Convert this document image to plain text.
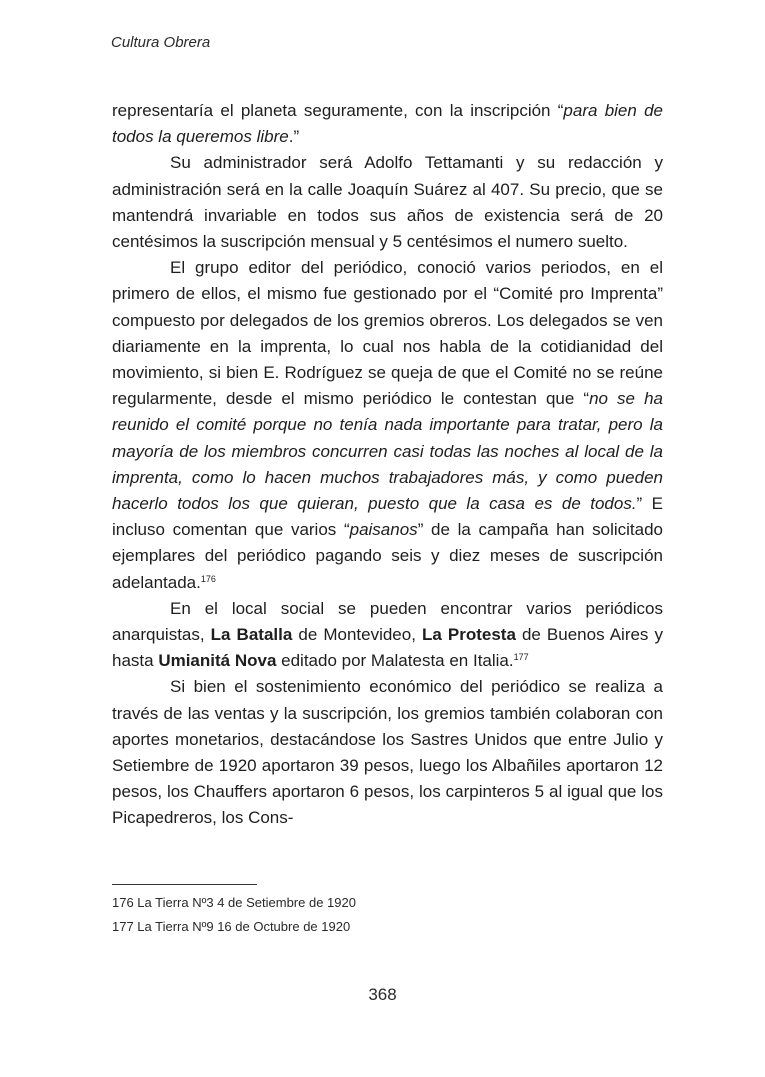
Cultura Obrera

representaría el planeta seguramente, con la inscripción “para bien de todos la queremos libre.”

Su administrador será Adolfo Tettamanti y su redacción y administración será en la calle Joaquín Suárez al 407. Su precio, que se mantendrá invariable en todos sus años de existencia será de 20 centésimos la suscripción mensual y 5 centésimos el numero suelto.

El grupo editor del periódico, conoció varios periodos, en el primero de ellos, el mismo fue gestionado por el “Comité pro Imprenta” compuesto por delegados de los gremios obreros. Los delegados se ven diariamente en la imprenta, lo cual nos habla de la cotidianidad del movimiento, si bien E. Rodríguez se queja de que el Comité no se reúne regularmente, desde el mismo periódico le contestan que “no se ha reunido el comité porque no tenía nada importante para tratar, pero la mayoría de los miembros concurren casi todas las noches al local de la imprenta, como lo hacen muchos trabajadores más, y como pueden hacerlo todos los que quieran, puesto que la casa es de todos.” E incluso comentan que varios “paisanos” de la campaña han solicitado ejemplares del periódico pagando seis y diez meses de suscripción adelantada.$^{176}$

En el local social se pueden encontrar varios periódicos anarquistas, La Batalla de Montevideo, La Protesta de Buenos Aires y hasta Umianitá Nova editado por Malatesta en Italia.$^{177}$

Si bien el sostenimiento económico del periódico se realiza a través de las ventas y la suscripción, los gremios también colaboran con aportes monetarios, destacándose los Sastres Unidos que entre Julio y Setiembre de 1920 aportaron 39 pesos, luego los Albañiles aportaron 12 pesos, los Chauffers aportaron 6 pesos, los carpinteros 5 al igual que los Picapedreros, los Cons-

176 La Tierra Nº3 4 de Setiembre de 1920

177 La Tierra Nº9 16 de Octubre de 1920

368
